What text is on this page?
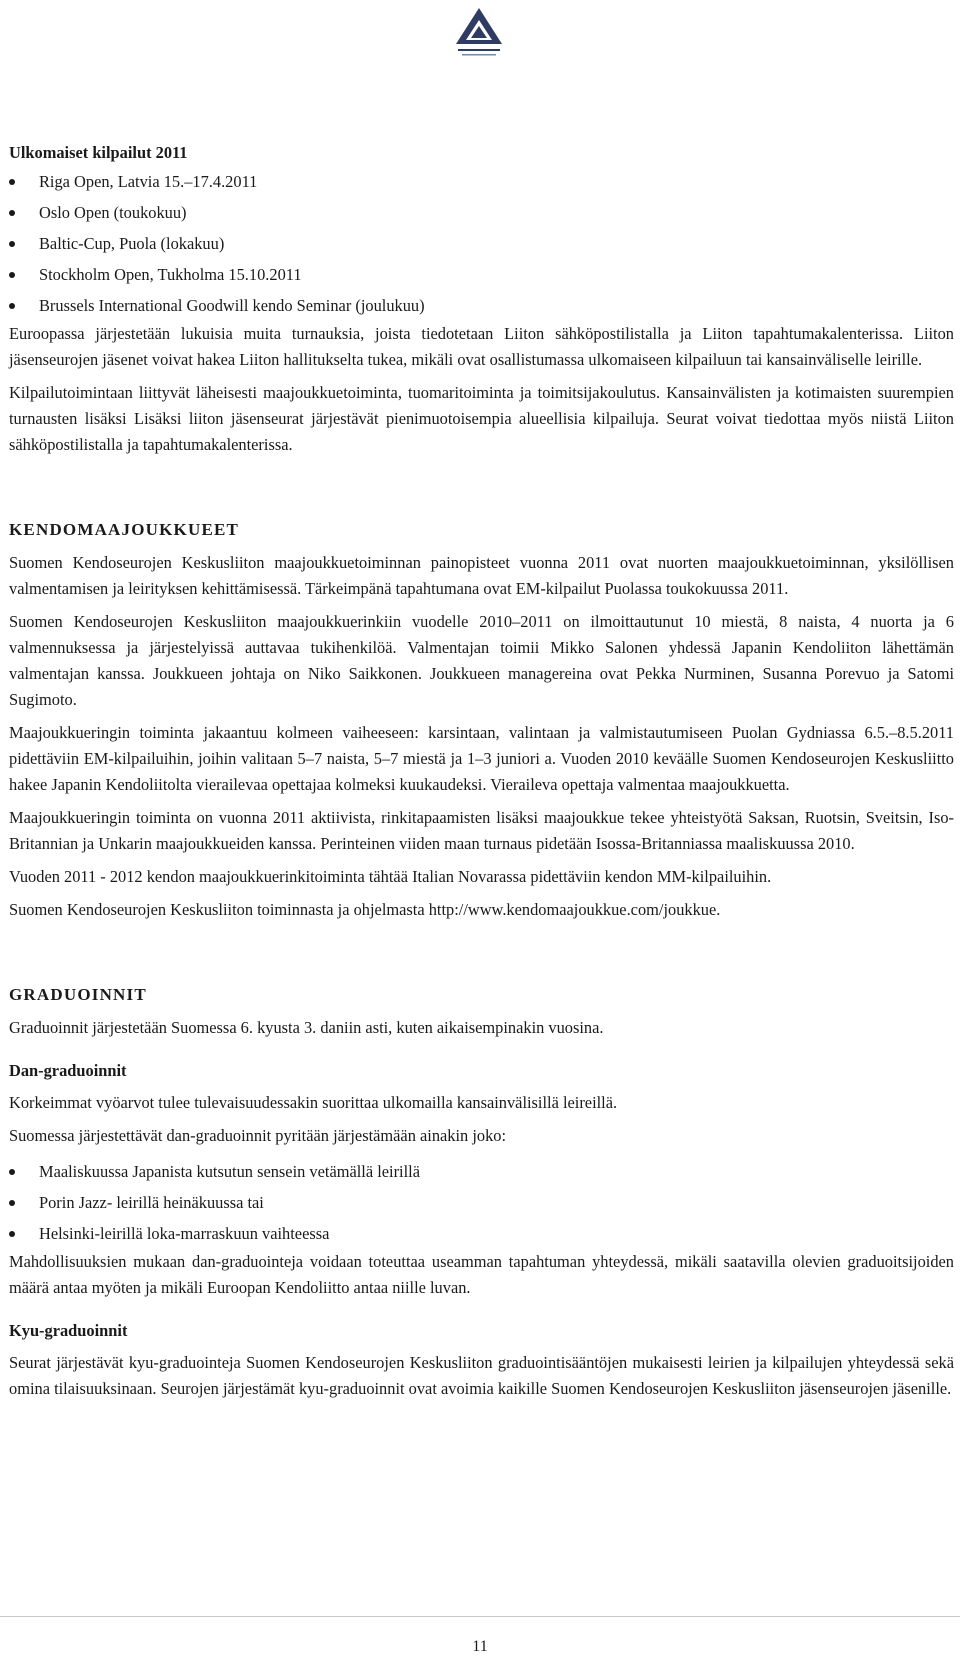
Ulkomaiset kilpailut 2011

Riga Open, Latvia 15.–17.4.2011
Oslo Open (toukokuu)
Baltic-Cup, Puola (lokakuu)
Stockholm Open, Tukholma 15.10.2011
Brussels International Goodwill kendo Seminar (joulukuu)

Euroopassa järjestetään lukuisia muita turnauksia, joista tiedotetaan Liiton sähköpostilistalla ja Liiton tapahtumakalenterissa. Liiton jäsenseurojen jäsenet voivat hakea Liiton hallitukselta tukea, mikäli ovat osallistumassa ulkomaiseen kilpailuun tai kansainväliselle leirille.

Kilpailutoimintaan liittyvät läheisesti maajoukkuetoiminta, tuomaritoiminta ja toimitsijakoulutus. Kansainvälisten ja kotimaisten suurempien turnausten lisäksi Lisäksi liiton jäsenseurat järjestävät pienimuotoisempia alueellisia kilpailuja. Seurat voivat tiedottaa myös niistä Liiton sähköpostilistalla ja tapahtumakalenterissa.

KENDOMAAJOUKKUEET

Suomen Kendoseurojen Keskusliiton maajoukkuetoiminnan painopisteet vuonna 2011 ovat nuorten maajoukkuetoiminnan, yksilöllisen valmentamisen ja leirityksen kehittämisessä. Tärkeimpänä tapahtumana ovat EM-kilpailut Puolassa toukokuussa 2011.

Suomen Kendoseurojen Keskusliiton maajoukkuerinkiin vuodelle 2010–2011 on ilmoittautunut 10 miestä, 8 naista, 4 nuorta ja 6 valmennuksessa ja järjestelyissä auttavaa tukihenkilöä. Valmentajan toimii Mikko Salonen yhdessä Japanin Kendoliiton lähettämän valmentajan kanssa. Joukkueen johtaja on Niko Saikkonen. Joukkueen managereina ovat Pekka Nurminen, Susanna Porevuo ja Satomi Sugimoto.

Maajoukkueringin toiminta jakaantuu kolmeen vaiheeseen: karsintaan, valintaan ja valmistautumiseen Puolan Gydniassa 6.5.–8.5.2011 pidettäviin EM-kilpailuihin, joihin valitaan 5–7 naista, 5–7 miestä ja 1–3 juniori a. Vuoden 2010 keväälle Suomen Kendoseurojen Keskusliitto hakee Japanin Kendoliitolta vierailevaa opettajaa kolmeksi kuukaudeksi. Vieraileva opettaja valmentaa maajoukkuetta.

Maajoukkueringin toiminta on vuonna 2011 aktiivista, rinkitapaamisten lisäksi maajoukkue tekee yhteistyötä Saksan, Ruotsin, Sveitsin, Iso-Britannian ja Unkarin maajoukkueiden kanssa. Perinteinen viiden maan turnaus pidetään Isossa-Britanniassa maaliskuussa 2010.

Vuoden 2011 - 2012 kendon maajoukkuerinkitoiminta tähtää Italian Novarassa pidettäviin kendon MM-kilpailuihin.

Suomen Kendoseurojen Keskusliiton toiminnasta ja ohjelmasta http://www.kendomaajoukkue.com/joukkue.

GRADUOINNIT

Graduoinnit järjestetään Suomessa 6. kyusta 3. daniin asti, kuten aikaisempinakin vuosina.

Dan-graduoinnit

Korkeimmat vyöarvot tulee tulevaisuudessakin suorittaa ulkomailla kansainvälisillä leireillä.

Suomessa järjestettävät dan-graduoinnit pyritään järjestämään ainakin joko:

Maaliskuussa Japanista kutsutun sensein vetämällä leirillä
Porin Jazz- leirillä heinäkuussa tai
Helsinki-leirillä loka-marraskuun vaihteessa

Mahdollisuuksien mukaan dan-graduointeja voidaan toteuttaa useamman tapahtuman yhteydessä, mikäli saatavilla olevien graduoitsijoiden määrä antaa myöten ja mikäli Euroopan Kendoliitto antaa niille luvan.

Kyu-graduoinnit

Seurat järjestävät kyu-graduointeja Suomen Kendoseurojen Keskusliiton graduointisääntöjen mukaisesti leirien ja kilpailujen yhteydessä sekä omina tilaisuuksinaan. Seurojen järjestämät kyu-graduoinnit ovat avoimia kaikille Suomen Kendoseurojen Keskusliiton jäsenseurojen jäsenille.

11
